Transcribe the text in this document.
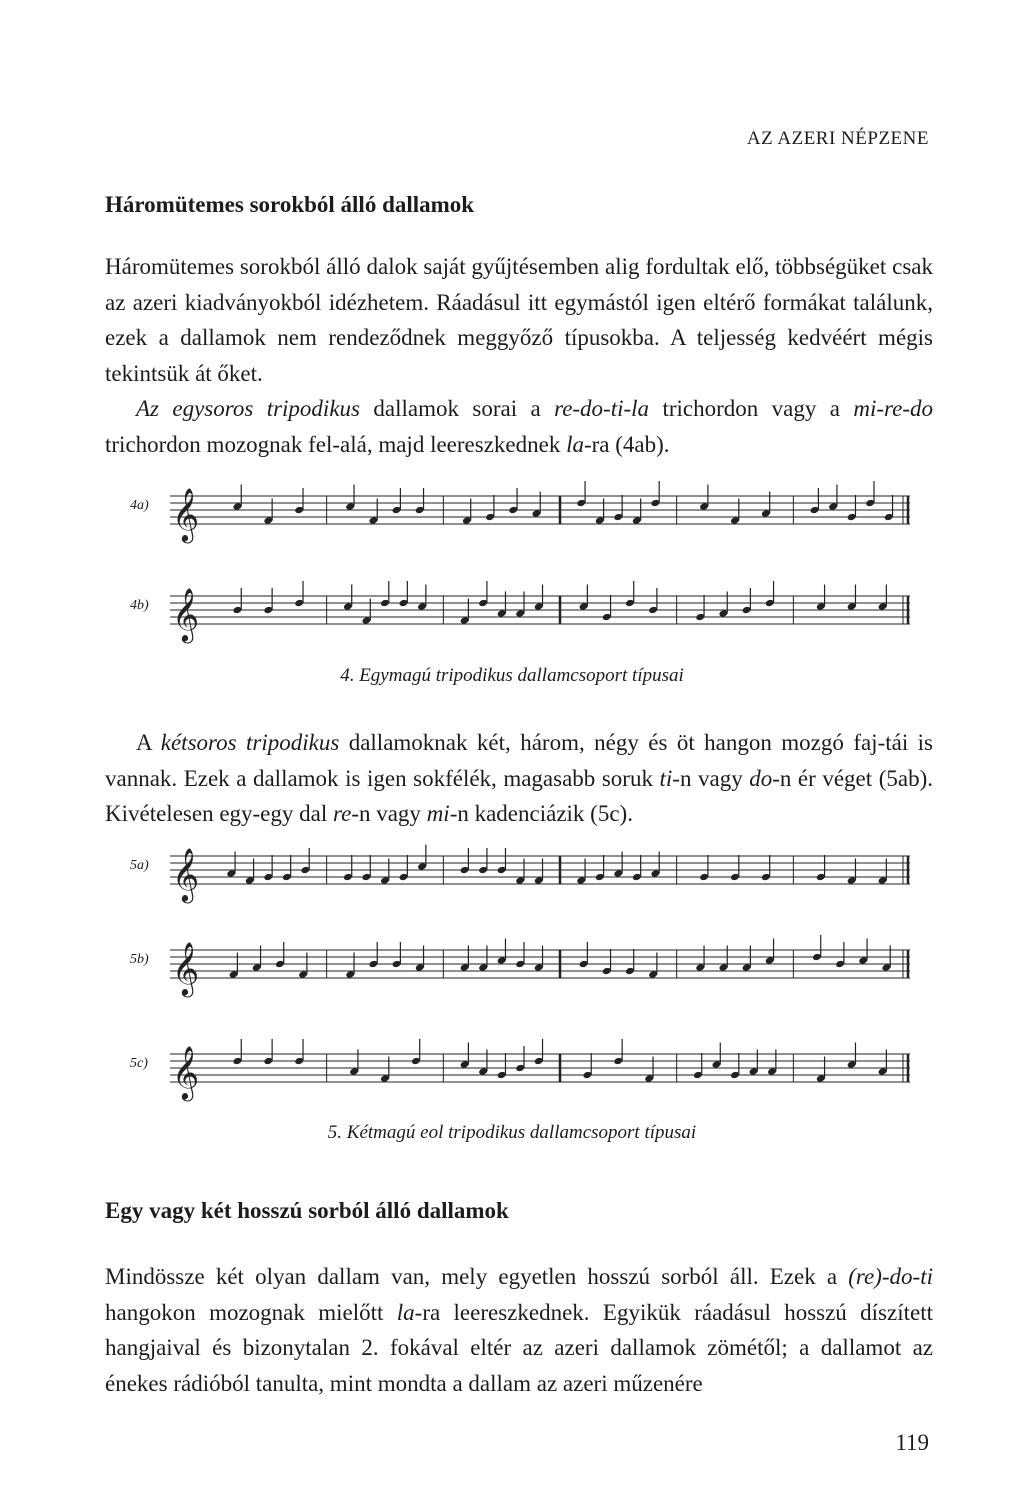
AZ AZERI NÉPZENE
Háromütemes sorokból álló dallamok

Háromütemes sorokból álló dalok saját gyűjtésemben alig fordultak elő, többségüket csak az azeri kiadványokból idézhetem. Ráadásul itt egymástól igen eltérő formákat találunk, ezek a dallamok nem rendeződnek meggyőző típusokba. A teljesség kedvéért mégis tekintsük át őket.

Az egysoros tripodikus dallamok sorai a re-do-ti-la trichordon vagy a mi-re-do trichordon mozognak fel-alá, majd leereszkednek la-ra (4ab).

4a) 𝄞
4b) 𝄞
4. Egymagú tripodikus dallamcsoport típusai

A kétsoros tripodikus dallamoknak két, három, négy és öt hangon mozgó faj-tái is vannak. Ezek a dallamok is igen sokfélék, magasabb soruk ti-n vagy do-n ér véget (5ab). Kivételesen egy-egy dal re-n vagy mi-n kadenciázik (5c).

5a) 𝄞
5b) 𝄞
5c) 𝄞
5. Kétmagú eol tripodikus dallamcsoport típusai
Egy vagy két hosszú sorból álló dallamok

Mindössze két olyan dallam van, mely egyetlen hosszú sorból áll. Ezek a (re)-do-ti hangokon mozognak mielőtt la-ra leereszkednek. Egyikük ráadásul hosszú díszített hangjaival és bizonytalan 2. fokával eltér az azeri dallamok zömétől; a dallamot az énekes rádióból tanulta, mint mondta a dallam az azeri műzenére

119
